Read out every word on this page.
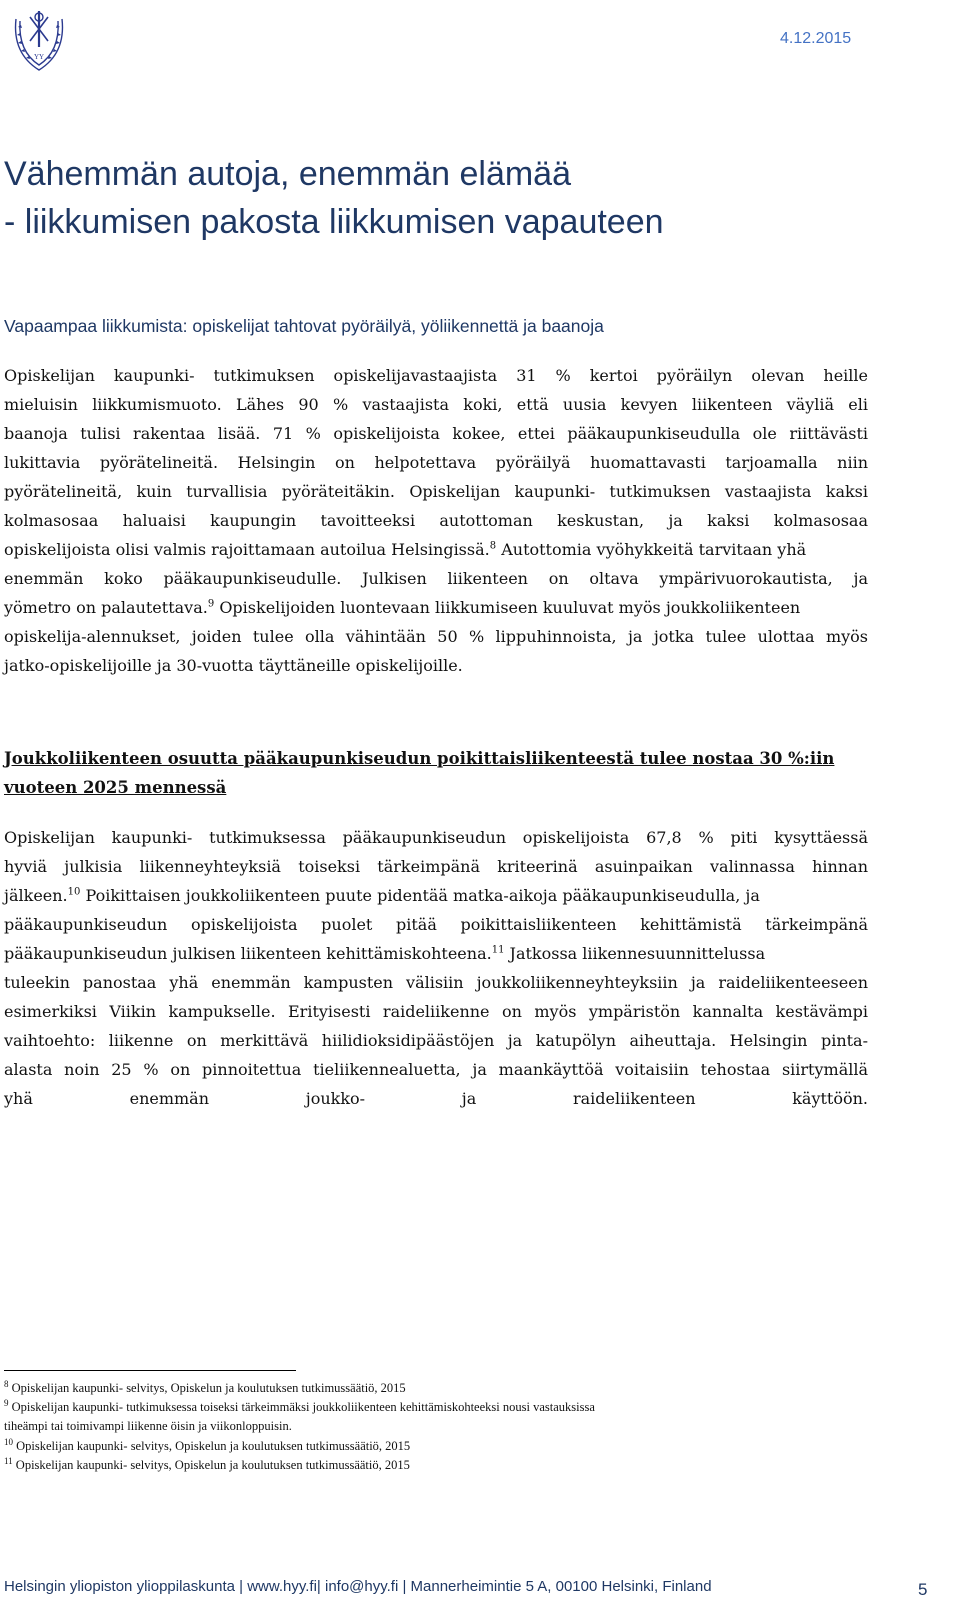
YY
4.12.2015
Vähemmän autoja, enemmän elämää
- liikkumisen pakosta liikkumisen vapauteen
Vapaampaa liikkumista: opiskelijat tahtovat pyöräilyä, yöliikennettä ja baanoja
Opiskelijan kaupunki- tutkimuksen opiskelijavastaajista 31 % kertoi pyöräilyn olevan heille
mieluisin liikkumismuoto. Lähes 90 % vastaajista koki, että uusia kevyen liikenteen väyliä eli
baanoja tulisi rakentaa lisää. 71 % opiskelijoista kokee, ettei pääkaupunkiseudulla ole riittävästi
lukittavia pyörätelineitä. Helsingin on helpotettava pyöräilyä huomattavasti tarjoamalla niin
pyörätelineitä, kuin turvallisia pyöräteitäkin. Opiskelijan kaupunki- tutkimuksen vastaajista kaksi
kolmasosaa haluaisi kaupungin tavoitteeksi autottoman keskustan, ja kaksi kolmasosaa
opiskelijoista olisi valmis rajoittamaan autoilua Helsingissä.$^8$ Autottomia vyöhykkeitä tarvitaan yhä
enemmän koko pääkaupunkiseudulle. Julkisen liikenteen on oltava ympärivuorokautista, ja
yömetro on palautettava.$^9$ Opiskelijoiden luontevaan liikkumiseen kuuluvat myös joukkoliikenteen
opiskelija-alennukset, joiden tulee olla vähintään 50 % lippuhinnoista, ja jotka tulee ulottaa myös
jatko-opiskelijoille ja 30-vuotta täyttäneille opiskelijoille.
Joukkoliikenteen osuutta pääkaupunkiseudun poikittaisliikenteestä tulee nostaa 30 %:iin
vuoteen 2025 mennessä
Opiskelijan kaupunki- tutkimuksessa pääkaupunkiseudun opiskelijoista 67,8 % piti kysyttäessä
hyviä julkisia liikenneyhteyksiä toiseksi tärkeimpänä kriteerinä asuinpaikan valinnassa hinnan
jälkeen.$^{10}$ Poikittaisen joukkoliikenteen puute pidentää matka-aikoja pääkaupunkiseudulla, ja
pääkaupunkiseudun opiskelijoista puolet pitää poikittaisliikenteen kehittämistä tärkeimpänä
pääkaupunkiseudun julkisen liikenteen kehittämiskohteena.$^{11}$ Jatkossa liikennesuunnittelussa
tuleekin panostaa yhä enemmän kampusten välisiin joukkoliikenneyhteyksiin ja raideliikenteeseen
esimerkiksi Viikin kampukselle. Erityisesti raideliikenne on myös ympäristön kannalta kestävämpi
vaihtoehto: liikenne on merkittävä hiilidioksidipäästöjen ja katupölyn aiheuttaja. Helsingin pinta-
alasta noin 25 % on pinnoitettua tieliikennealuetta, ja maankäyttöä voitaisiin tehostaa siirtymällä
yhä enemmän joukko- ja raideliikenteen käyttöön.
$^8$ Opiskelijan kaupunki- selvitys, Opiskelun ja koulutuksen tutkimussäätiö, 2015
$^9$ Opiskelijan kaupunki- tutkimuksessa toiseksi tärkeimmäksi joukkoliikenteen kehittämiskohteeksi nousi vastauksissa
tiheämpi tai toimivampi liikenne öisin ja viikonloppuisin.
$^{10}$ Opiskelijan kaupunki- selvitys, Opiskelun ja koulutuksen tutkimussäätiö, 2015
$^{11}$ Opiskelijan kaupunki- selvitys, Opiskelun ja koulutuksen tutkimussäätiö, 2015
Helsingin yliopiston ylioppilaskunta | www.hyy.fi| info@hyy.fi | Mannerheimintie 5 A, 00100 Helsinki, Finland	5
